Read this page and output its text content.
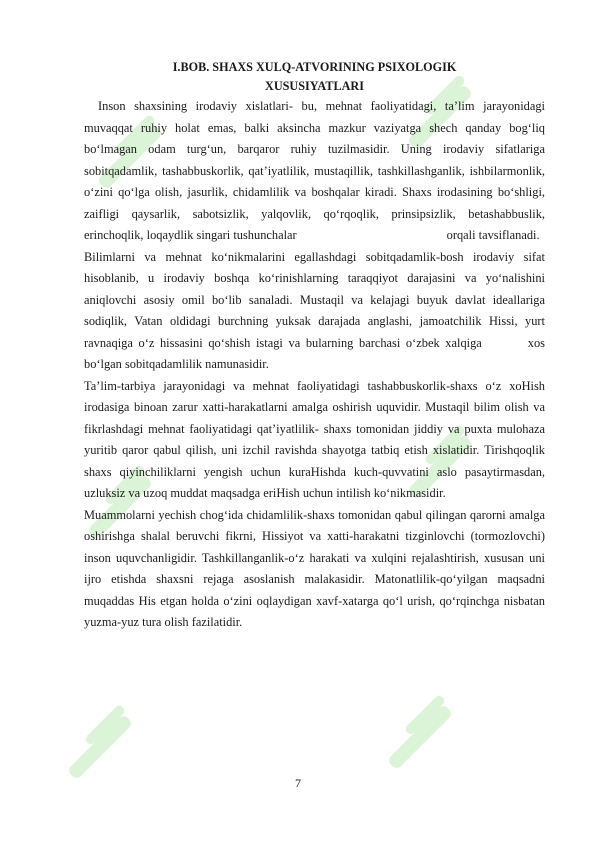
I.BOB. SHAXS XULQ-ATVORINING PSIXOLOGIK
XUSUSIYATLARI

Inson shaxsining irodaviy xislatlari- bu, mehnat faoliyatidagi, ta’lim jarayonidagi muvaqqat ruhiy holat emas, balki aksincha mazkur vaziyatga shech qanday bog‘liq bo‘lmagan odam turg‘un, barqaror ruhiy tuzilmasidir. Uning irodaviy sifatlariga sobitqadamlik, tashabbuskorlik, qat’iyatlilik, mustaqillik, tashkillashganlik, ishbilarmonlik, o‘zini qo‘lga olish, jasurlik, chidamlilik va boshqalar kiradi. Shaxs irodasining bo‘shligi, zaifligi qaysarlik, sabotsizlik, yalqovlik, qo‘rqoqlik, prinsipsizlik, betashabbuslik, erinchoqlik, loqaydlik singari tushunchalar	orqali tavsiflanadi.

Bilimlarni va mehnat ko‘nikmalarini egallashdagi sobitqadamlik-bosh irodaviy sifat hisoblanib, u irodaviy boshqa ko‘rinishlarning taraqqiyot darajasini va yo‘nalishini aniqlovchi asosiy omil bo‘lib sanaladi. Mustaqil va kelajagi buyuk davlat ideallariga sodiqlik, Vatan oldidagi burchning yuksak darajada anglashi, jamoatchilik Hissi, yurt ravnaqiga o‘z hissasini qo‘shish istagi va bularning barchasi o‘zbek xalqiga	xos bo‘lgan sobitqadamlilik namunasidir.

Ta’lim-tarbiya jarayonidagi va mehnat faoliyatidagi tashabbuskorlik-shaxs o‘z xoHish irodasiga binoan zarur xatti-harakatlarni amalga oshirish uquvidir. Mustaqil bilim olish va fikrlashdagi mehnat faoliyatidagi qat’iyatlilik- shaxs tomonidan jiddiy va puxta mulohaza yuritib qaror qabul qilish, uni izchil ravishda shayotga tatbiq etish xislatidir. Tirishqoqlik shaxs qiyinchiliklarni yengish uchun kuraHishda kuch-quvvatini aslo pasaytirmasdan, uzluksiz va uzoq muddat maqsadga eriHish uchun intilish ko‘nikmasidir.

Muammolarni yechish chog‘ida chidamlilik-shaxs tomonidan qabul qilingan qarorni amalga oshirishga shalal beruvchi fikrni, Hissiyot va xatti-harakatni tizginlovchi (tormozlovchi) inson uquvchanligidir. Tashkillanganlik-o‘z harakati va xulqini rejalashtirish, xususan uni ijro etishda shaxsni rejaga asoslanish malakasidir. Matonatlilik-qo‘yilgan maqsadni muqaddas His etgan holda o‘zini oqlaydigan xavf-xatarga qo‘l urish, qo‘rqinchga nisbatan yuzma-yuz tura olish fazilatidir.

7
